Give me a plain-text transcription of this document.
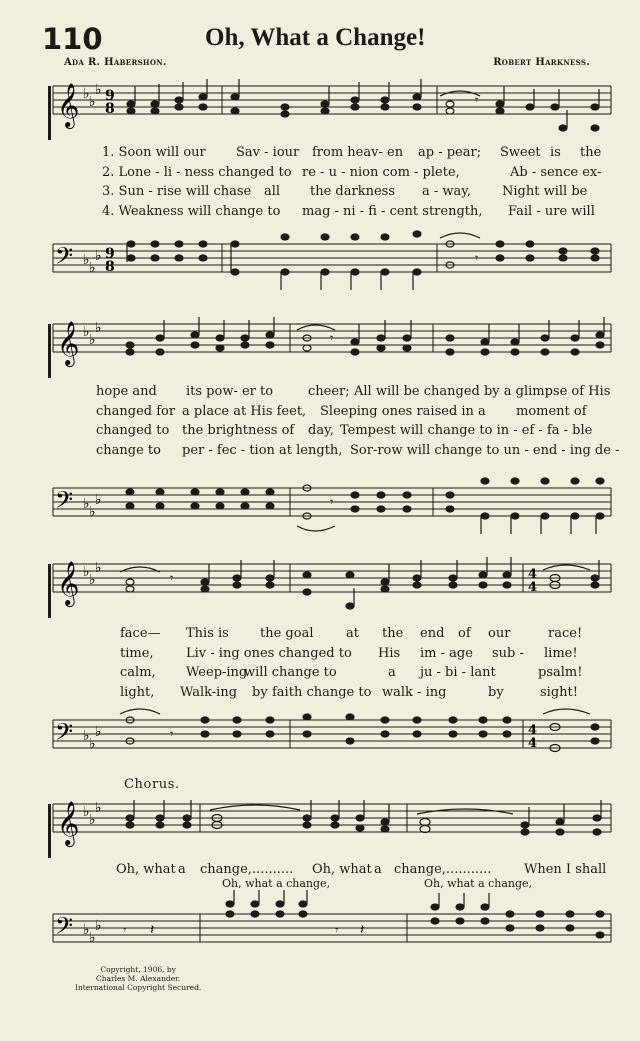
110	Oh, What a Change!
Ada R. Habershon.	Robert Harkness.
𝄞 ♭ ♭
♭ 9
8
𝄾
1. Soon will our Sav - iour from heav- en ap - pear; Sweet is the
2. Lone - li - ness changed to re - u - nion com - plete,	Ab - sence ex-
3. Sun - rise will chase all the darkness a - way, Night will be
4. Weakness will change to mag - ni - fi - cent strength, Fail - ure will
𝄢 ♭ ♭
♭ 9
8
𝄾
𝄞 ♭ ♭
♭
𝄾
hope and its pow- er to	cheer; All will be changed by a glimpse of His
changed for a place at His feet, Sleeping ones raised in a moment of
changed to the brightness of day, Tempest will change to in - ef - fa - ble
change to per - fec - tion at length, Sor-row will change to un - end - ing de -
𝄢 ♭ ♭
♭	𝄾
𝄞 ♭ ♭
♭	4
4
𝄾
face— This is the goal	at the end of our	race!
time, Liv - ing ones changed to His im - age sub - lime!
calm, Weep-ing
will change to	a ju - bi - lant	psalm!
light, Walk-ing by faith change to walk - ing	by	sight!
𝄢 ♭ ♭
♭	4
4
𝄾
Chorus.
𝄞 ♭ ♭
♭
Oh, what a change,.......... Oh, what a change,...........	When I shall
Oh, what a change,	Oh, what a change,
𝄢 ♭ ♭
♭ 𝄾 𝄽	𝄾 𝄽
Copyright, 1906, by
Charles M. Alexander.
International Copyright Secured.
